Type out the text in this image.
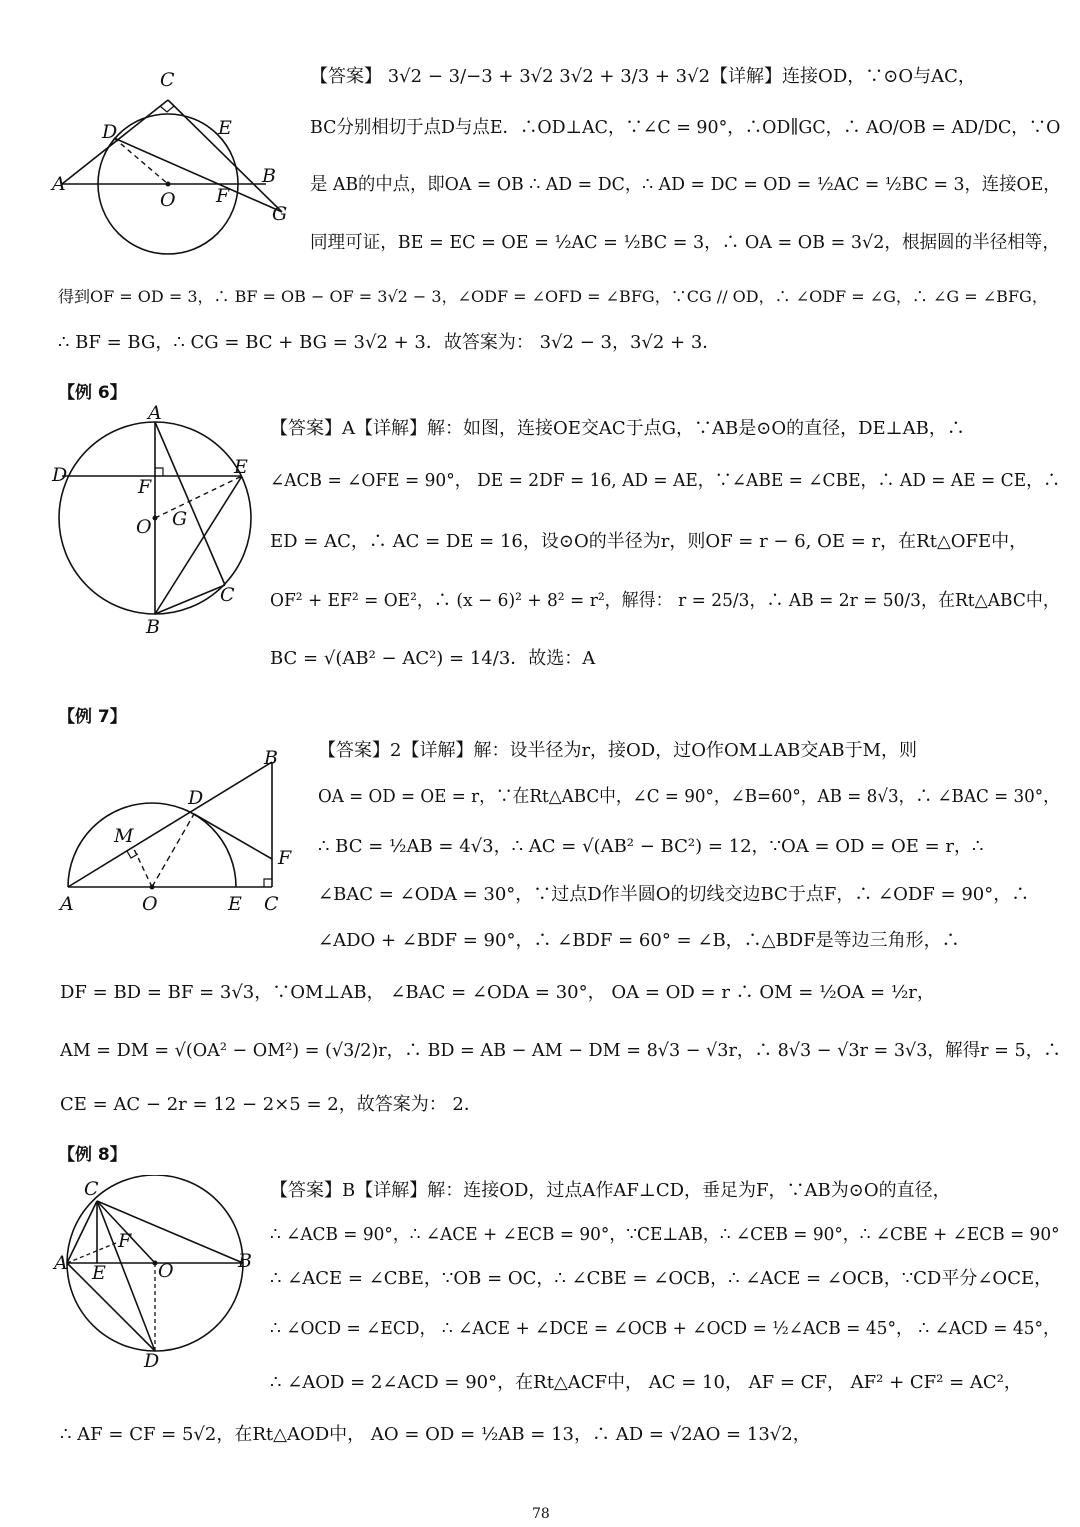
C
D	E
A
O F
B
G
【答案】 3√2 − 3/−3 + 3√2 3√2 + 3/3 + 3√2【详解】连接OD，∵⊙O与AC，
BC分别相切于点D与点E．∴OD⊥AC，∵∠C = 90°，∴OD∥GC，∴ AO/OB = AD/DC，∵O
是 AB的中点，即OA = OB ∴ AD = DC，∴ AD = DC = OD = ½AC = ½BC = 3，连接OE，
同理可证，BE = EC = OE = ½AC = ½BC = 3，∴ OA = OB = 3√2，根据圆的半径相等，
得到OF = OD = 3，∴ BF = OB − OF = 3√2 − 3，∠ODF = ∠OFD = ∠BFG，∵CG // OD，∴ ∠ODF = ∠G，∴ ∠G = ∠BFG，
∴ BF = BG，∴ CG = BC + BG = 3√2 + 3．故答案为： 3√2 − 3，3√2 + 3．
【例 6】
A
D
F
E
O G
C
B
【答案】A【详解】解：如图，连接OE交AC于点G，∵AB是⊙O的直径，DE⊥AB，∴
∠ACB = ∠OFE = 90°， DE = 2DF = 16, AD = AE，∵∠ABE = ∠CBE，∴ AD = AE = CE，∴
ED = AC，∴ AC = DE = 16，设⊙O的半径为r，则OF = r − 6, OE = r，在Rt△OFE中，
OF² + EF² = OE²，∴ (x − 6)² + 8² = r²，解得： r = 25/3，∴ AB = 2r = 50/3，在Rt△ABC中，
BC = √(AB² − AC²) = 14/3．故选：A
【例 7】
B
D
M
F
A	O	E C
【答案】2【详解】解：设半径为r，接OD，过O作OM⊥AB交AB于M，则
OA = OD = OE = r，∵在Rt△ABC中，∠C = 90°，∠B=60°，AB = 8√3，∴ ∠BAC = 30°，
∴ BC = ½AB = 4√3，∴ AC = √(AB² − BC²) = 12，∵OA = OD = OE = r，∴
∠BAC = ∠ODA = 30°，∵过点D作半圆O的切线交边BC于点F，∴ ∠ODF = 90°，∴
∠ADO + ∠BDF = 90°，∴ ∠BDF = 60° = ∠B，∴△BDF是等边三角形，∴
DF = BD = BF = 3√3，∵OM⊥AB， ∠BAC = ∠ODA = 30°， OA = OD = r ∴ OM = ½OA = ½r，
AM = DM = √(OA² − OM²) = (√3/2)r，∴ BD = AB − AM − DM = 8√3 − √3r，∴ 8√3 − √3r = 3√3，解得r = 5，∴
CE = AC − 2r = 12 − 2×5 = 2，故答案为： 2．
【例 8】
C
F
A E	O	B
D
【答案】B【详解】解：连接OD，过点A作AF⊥CD，垂足为F，∵AB为⊙O的直径，
∴ ∠ACB = 90°，∴ ∠ACE + ∠ECB = 90°，∵CE⊥AB，∴ ∠CEB = 90°，∴ ∠CBE + ∠ECB = 90°
∴ ∠ACE = ∠CBE，∵OB = OC，∴ ∠CBE = ∠OCB，∴ ∠ACE = ∠OCB，∵CD平分∠OCE，
∴ ∠OCD = ∠ECD， ∴ ∠ACE + ∠DCE = ∠OCB + ∠OCD = ½∠ACB = 45°， ∴ ∠ACD = 45°，
∴ ∠AOD = 2∠ACD = 90°，在Rt△ACF中， AC = 10， AF = CF， AF² + CF² = AC²，
∴ AF = CF = 5√2，在Rt△AOD中， AO = OD = ½AB = 13，∴ AD = √2AO = 13√2，
78
